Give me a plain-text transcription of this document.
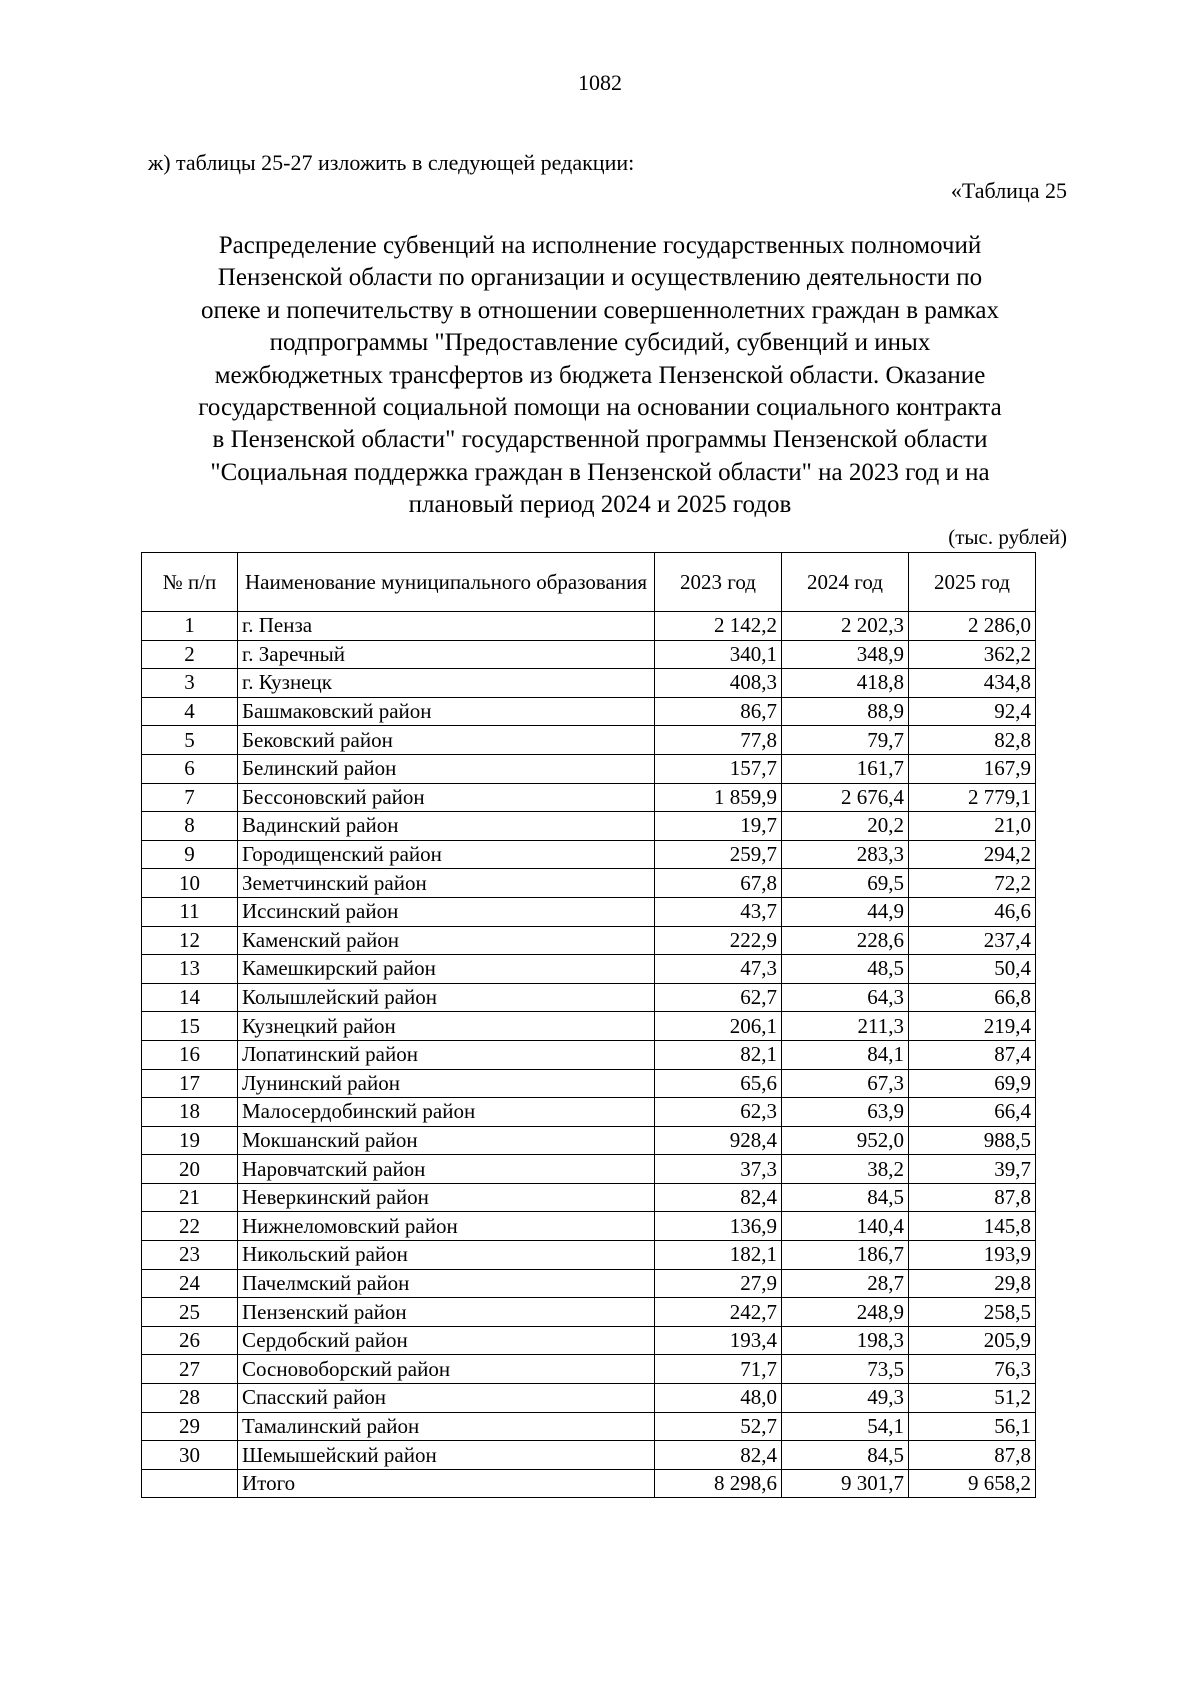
1082
ж) таблицы 25-27 изложить в следующей редакции:
«Таблица 25
Распределение субвенций на исполнение государственных полномочий
Пензенской области по организации и осуществлению деятельности по
опеке и попечительству в отношении совершеннолетних граждан в рамках
подпрограммы "Предоставление субсидий, субвенций и иных
межбюджетных трансфертов из бюджета Пензенской области. Оказание
государственной социальной помощи на основании социального контракта
в Пензенской области" государственной программы Пензенской области
"Социальная поддержка граждан в Пензенской области" на 2023 год и на
плановый период 2024 и 2025 годов
(тыс. рублей)
№ п/п	Наименование муниципального образования	2023 год	2024 год	2025 год
1	г. Пенза	2 142,2	2 202,3	2 286,0
2	г. Заречный	340,1	348,9	362,2
3	г. Кузнецк	408,3	418,8	434,8
4	Башмаковский район	86,7	88,9	92,4
5	Бековский район	77,8	79,7	82,8
6	Белинский район	157,7	161,7	167,9
7	Бессоновский район	1 859,9	2 676,4	2 779,1
8	Вадинский район	19,7	20,2	21,0
9	Городищенский район	259,7	283,3	294,2
10	Земетчинский район	67,8	69,5	72,2
11	Иссинский район	43,7	44,9	46,6
12	Каменский район	222,9	228,6	237,4
13	Камешкирский район	47,3	48,5	50,4
14	Колышлейский район	62,7	64,3	66,8
15	Кузнецкий район	206,1	211,3	219,4
16	Лопатинский район	82,1	84,1	87,4
17	Лунинский район	65,6	67,3	69,9
18	Малосердобинский район	62,3	63,9	66,4
19	Мокшанский район	928,4	952,0	988,5
20	Наровчатский район	37,3	38,2	39,7
21	Неверкинский район	82,4	84,5	87,8
22	Нижнеломовский район	136,9	140,4	145,8
23	Никольский район	182,1	186,7	193,9
24	Пачелмский район	27,9	28,7	29,8
25	Пензенский район	242,7	248,9	258,5
26	Сердобский район	193,4	198,3	205,9
27	Сосновоборский район	71,7	73,5	76,3
28	Спасский район	48,0	49,3	51,2
29	Тамалинский район	52,7	54,1	56,1
30	Шемышейский район	82,4	84,5	87,8
	Итого	8 298,6	9 301,7	9 658,2
